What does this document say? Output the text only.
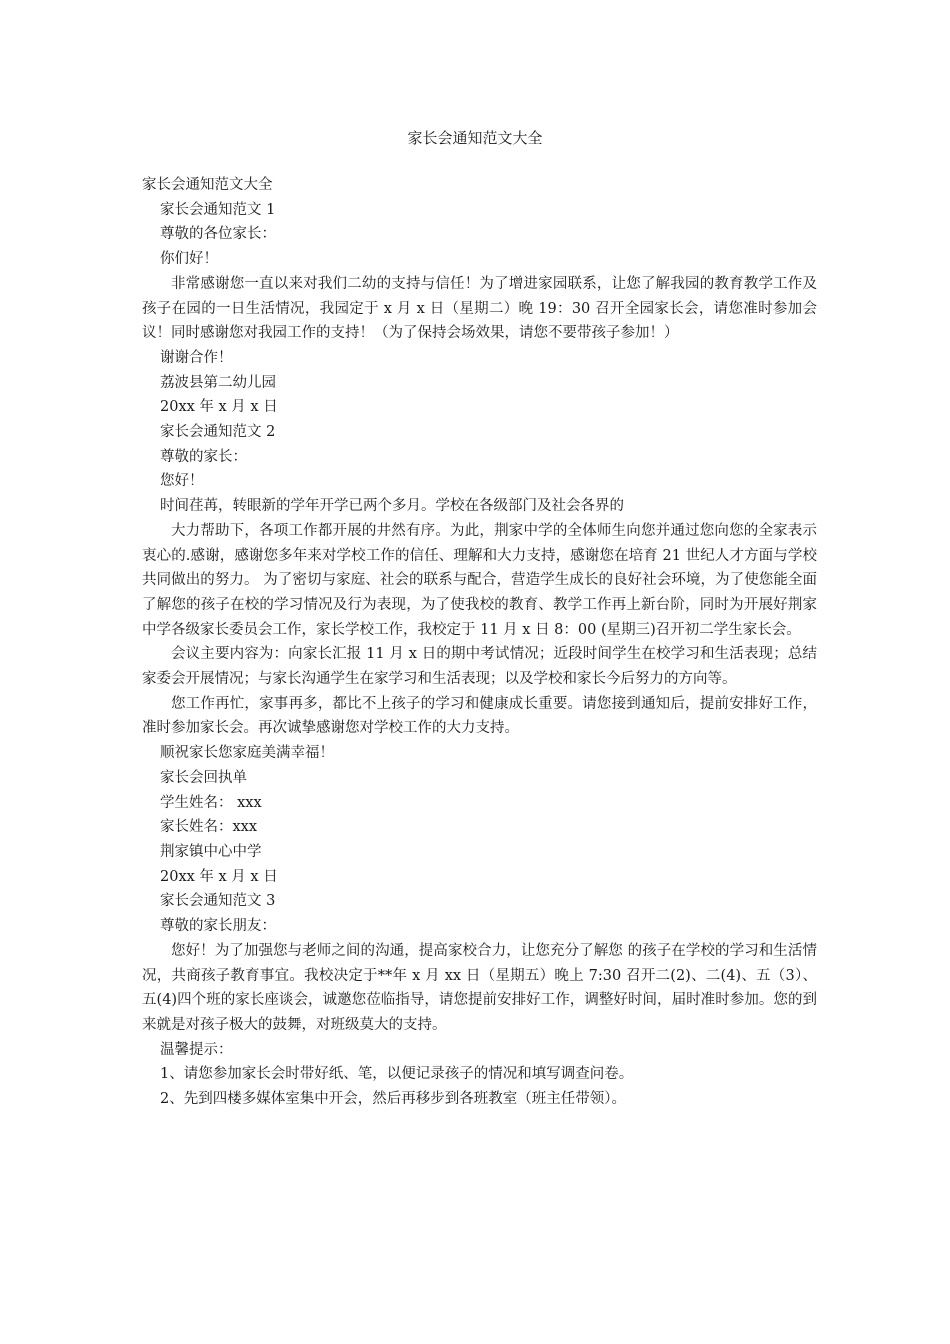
家长会通知范文大全

家长会通知范文大全

家长会通知范文 1

尊敬的各位家长：

你们好！

非常感谢您一直以来对我们二幼的支持与信任！为了增进家园联系，让您了解我园的教育教学工作及孩子在园的一日生活情况，我园定于 x 月 x 日（星期二）晚 19：30 召开全园家长会，请您准时参加会议！同时感谢您对我园工作的支持！（为了保持会场效果，请您不要带孩子参加！）

谢谢合作！

荔波县第二幼儿园

20xx 年 x 月 x 日

家长会通知范文 2

尊敬的家长：

您好！

时间荏苒，转眼新的学年开学已两个多月。学校在各级部门及社会各界的

大力帮助下，各项工作都开展的井然有序。为此，荆家中学的全体师生向您并通过您向您的全家表示衷心的.感谢，感谢您多年来对学校工作的信任、理解和大力支持，感谢您在培育 21 世纪人才方面与学校共同做出的努力。 为了密切与家庭、社会的联系与配合，营造学生成长的良好社会环境，为了使您能全面了解您的孩子在校的学习情况及行为表现，为了使我校的教育、教学工作再上新台阶，同时为开展好荆家中学各级家长委员会工作，家长学校工作，我校定于 11 月 x 日 8：00 (星期三)召开初二学生家长会。

会议主要内容为：向家长汇报 11 月 x 日的期中考试情况；近段时间学生在校学习和生活表现；总结家委会开展情况；与家长沟通学生在家学习和生活表现；以及学校和家长今后努力的方向等。

您工作再忙，家事再多，都比不上孩子的学习和健康成长重要。请您接到通知后，提前安排好工作，准时参加家长会。再次诚挚感谢您对学校工作的大力支持。

顺祝家长您家庭美满幸福！

家长会回执单

学生姓名： xxx

家长姓名：xxx

荆家镇中心中学

20xx 年 x 月 x 日

家长会通知范文 3

尊敬的家长朋友：

您好！为了加强您与老师之间的沟通，提高家校合力，让您充分了解您 的孩子在学校的学习和生活情况，共商孩子教育事宜。我校决定于**年 x 月 xx 日（星期五）晚上 7:30 召开二(2)、二(4)、五（3）、五(4)四个班的家长座谈会，诚邀您莅临指导，请您提前安排好工作，调整好时间，届时准时参加。您的到来就是对孩子极大的鼓舞，对班级莫大的支持。

温馨提示：

1、请您参加家长会时带好纸、笔，以便记录孩子的情况和填写调查问卷。

2、先到四楼多媒体室集中开会，然后再移步到各班教室（班主任带领）。
